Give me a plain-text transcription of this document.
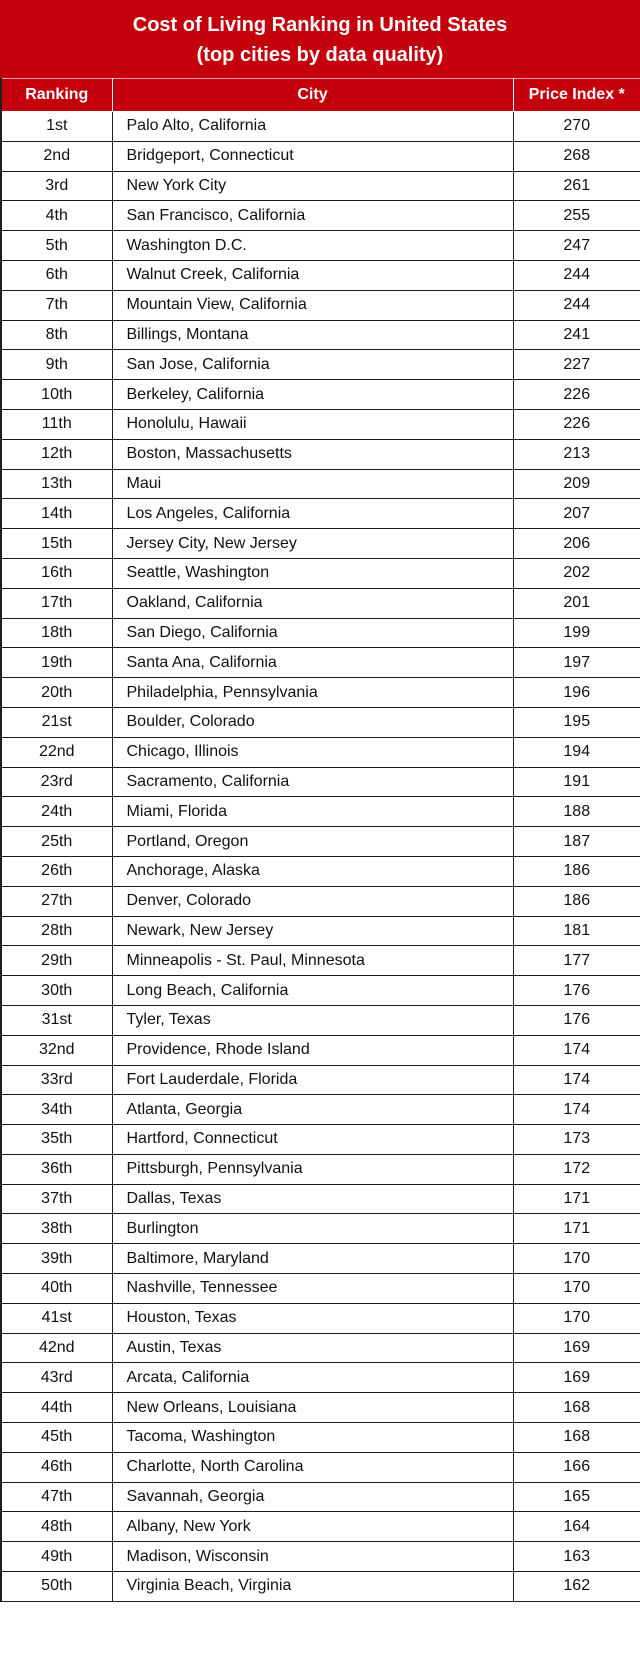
Cost of Living Ranking in United States
(top cities by data quality)
Ranking	City	Price Index *
1st	Palo Alto, California	270
2nd	Bridgeport, Connecticut	268
3rd	New York City	261
4th	San Francisco, California	255
5th	Washington D.C.	247
6th	Walnut Creek, California	244
7th	Mountain View, California	244
8th	Billings, Montana	241
9th	San Jose, California	227
10th	Berkeley, California	226
11th	Honolulu, Hawaii	226
12th	Boston, Massachusetts	213
13th	Maui	209
14th	Los Angeles, California	207
15th	Jersey City, New Jersey	206
16th	Seattle, Washington	202
17th	Oakland, California	201
18th	San Diego, California	199
19th	Santa Ana, California	197
20th	Philadelphia, Pennsylvania	196
21st	Boulder, Colorado	195
22nd	Chicago, Illinois	194
23rd	Sacramento, California	191
24th	Miami, Florida	188
25th	Portland, Oregon	187
26th	Anchorage, Alaska	186
27th	Denver, Colorado	186
28th	Newark, New Jersey	181
29th	Minneapolis - St. Paul, Minnesota	177
30th	Long Beach, California	176
31st	Tyler, Texas	176
32nd	Providence, Rhode Island	174
33rd	Fort Lauderdale, Florida	174
34th	Atlanta, Georgia	174
35th	Hartford, Connecticut	173
36th	Pittsburgh, Pennsylvania	172
37th	Dallas, Texas	171
38th	Burlington	171
39th	Baltimore, Maryland	170
40th	Nashville, Tennessee	170
41st	Houston, Texas	170
42nd	Austin, Texas	169
43rd	Arcata, California	169
44th	New Orleans, Louisiana	168
45th	Tacoma, Washington	168
46th	Charlotte, North Carolina	166
47th	Savannah, Georgia	165
48th	Albany, New York	164
49th	Madison, Wisconsin	163
50th	Virginia Beach, Virginia	162
